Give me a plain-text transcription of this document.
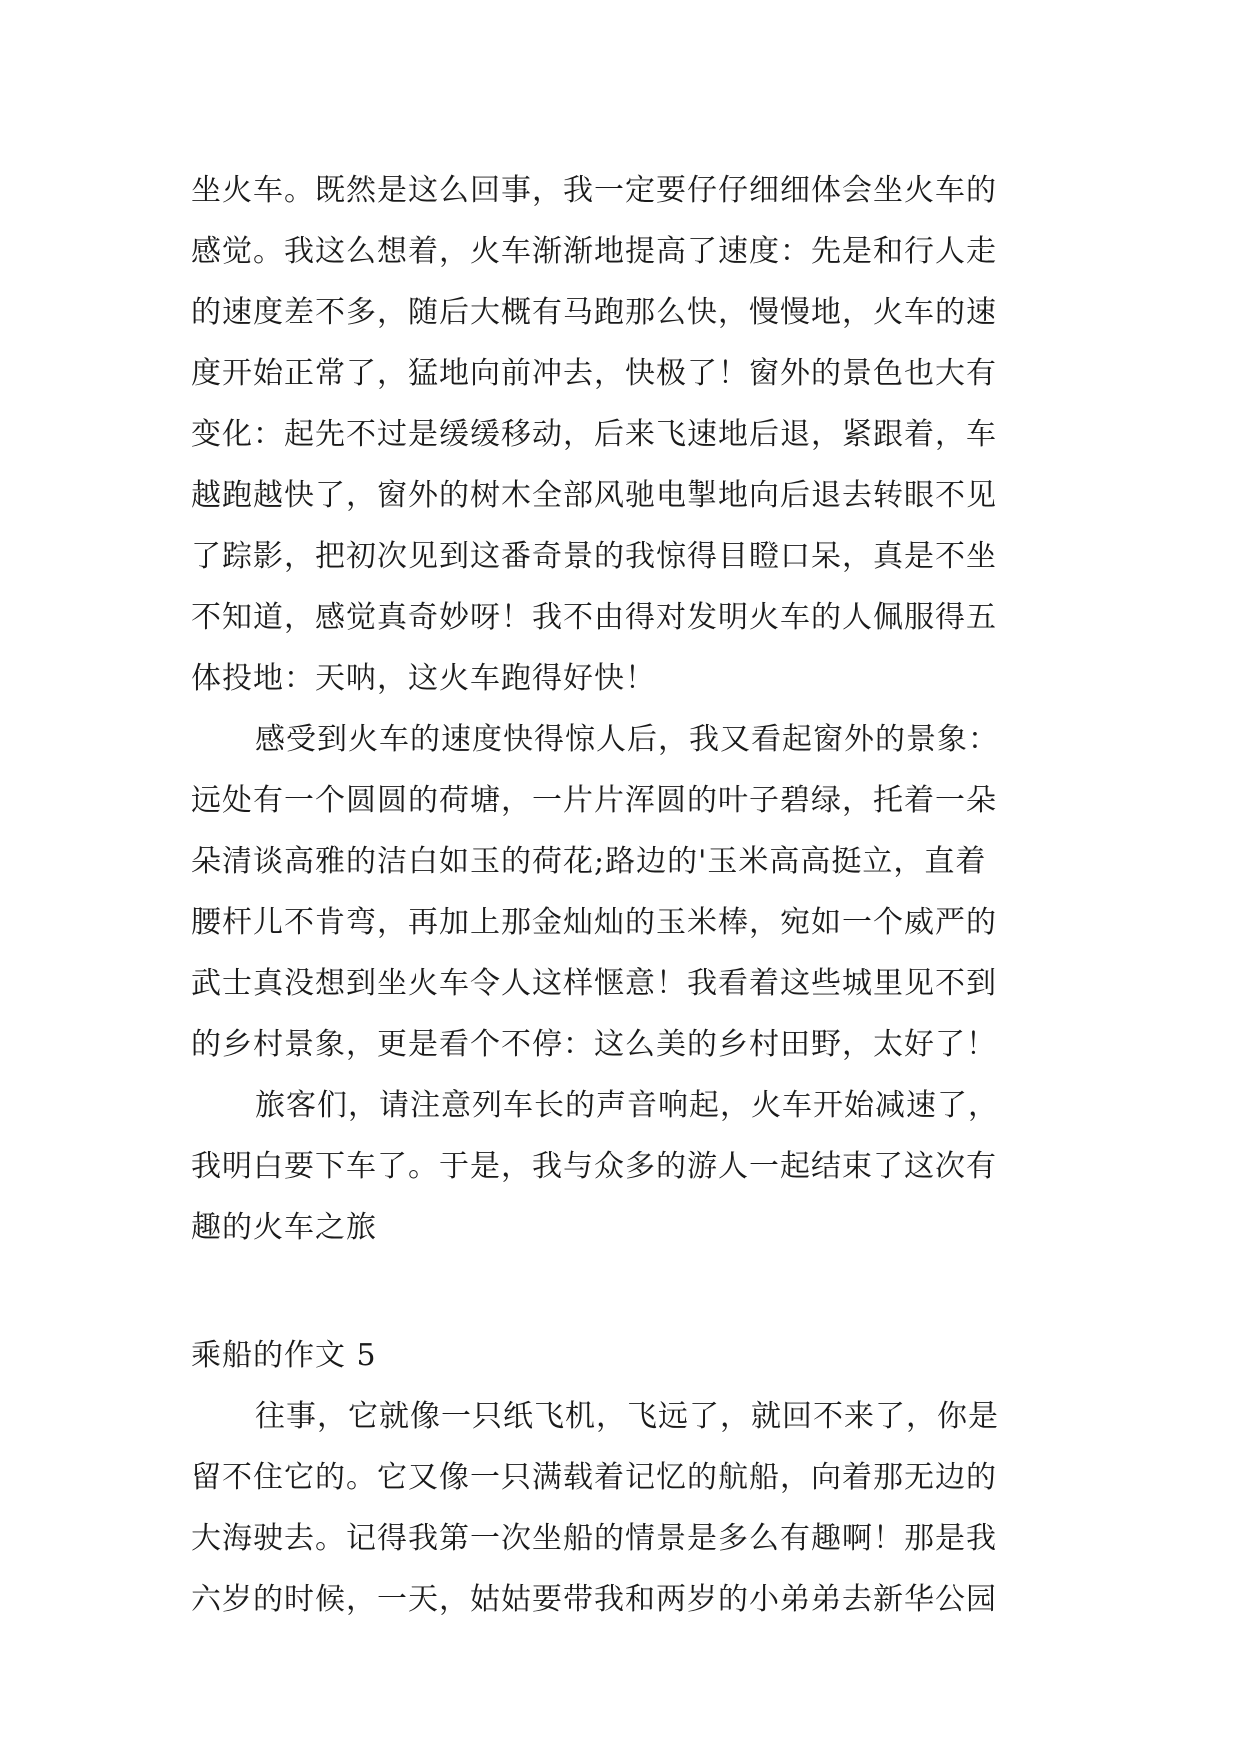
坐火车。既然是这么回事，我一定要仔仔细细体会坐火车的
感觉。我这么想着，火车渐渐地提高了速度：先是和行人走
的速度差不多，随后大概有马跑那么快，慢慢地，火车的速
度开始正常了，猛地向前冲去，快极了！窗外的景色也大有
变化：起先不过是缓缓移动，后来飞速地后退，紧跟着，车
越跑越快了，窗外的树木全部风驰电掣地向后退去转眼不见
了踪影，把初次见到这番奇景的我惊得目瞪口呆，真是不坐
不知道，感觉真奇妙呀！我不由得对发明火车的人佩服得五
体投地：天呐，这火车跑得好快！
感受到火车的速度快得惊人后，我又看起窗外的景象：
远处有一个圆圆的荷塘，一片片浑圆的叶子碧绿，托着一朵
朵清谈高雅的洁白如玉的荷花;路边的'玉米高高挺立，直着
腰杆儿不肯弯，再加上那金灿灿的玉米棒，宛如一个威严的
武士真没想到坐火车令人这样惬意！我看着这些城里见不到
的乡村景象，更是看个不停：这么美的乡村田野，太好了！
旅客们，请注意列车长的声音响起，火车开始减速了，
我明白要下车了。于是，我与众多的游人一起结束了这次有
趣的火车之旅
乘船的作文 5
往事，它就像一只纸飞机，飞远了，就回不来了，你是
留不住它的。它又像一只满载着记忆的航船，向着那无边的
大海驶去。记得我第一次坐船的情景是多么有趣啊！那是我
六岁的时候，一天，姑姑要带我和两岁的小弟弟去新华公园
